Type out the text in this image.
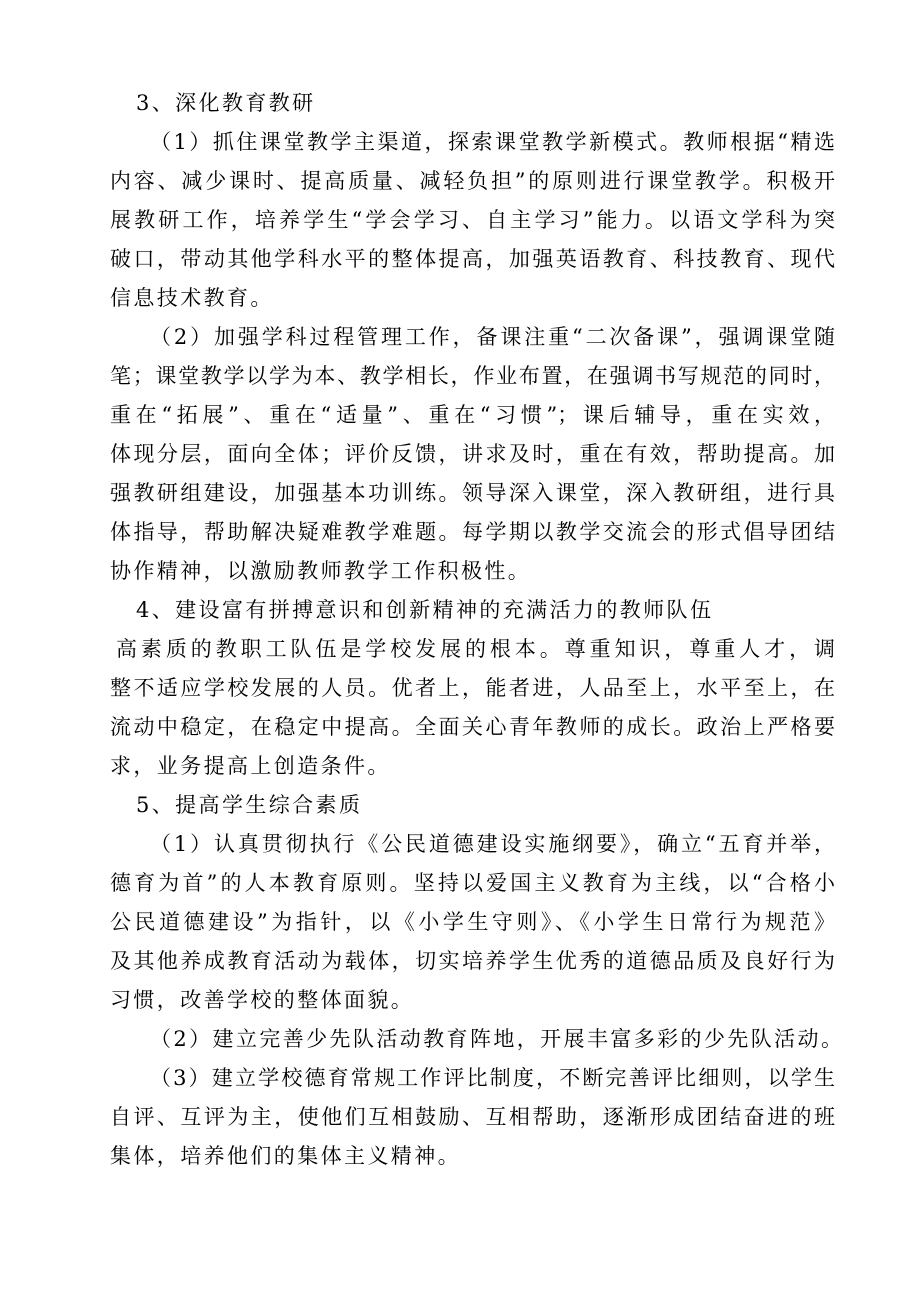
3、深化教育教研
（1）抓住课堂教学主渠道，探索课堂教学新模式。教师根据“精选
内容、减少课时、提高质量、减轻负担”的原则进行课堂教学。积极开
展教研工作，培养学生“学会学习、自主学习”能力。以语文学科为突
破口，带动其他学科水平的整体提高，加强英语教育、科技教育、现代
信息技术教育。
（2）加强学科过程管理工作，备课注重“二次备课”，强调课堂随
笔；课堂教学以学为本、教学相长，作业布置，在强调书写规范的同时，
重在“拓展”、重在“适量”、重在“习惯”；课后辅导，重在实效，
体现分层，面向全体；评价反馈，讲求及时，重在有效，帮助提高。加
强教研组建设，加强基本功训练。领导深入课堂，深入教研组，进行具
体指导，帮助解决疑难教学难题。每学期以教学交流会的形式倡导团结
协作精神，以激励教师教学工作积极性。
4、建设富有拼搏意识和创新精神的充满活力的教师队伍
高素质的教职工队伍是学校发展的根本。尊重知识，尊重人才，调
整不适应学校发展的人员。优者上，能者进，人品至上，水平至上，在
流动中稳定，在稳定中提高。全面关心青年教师的成长。政治上严格要
求，业务提高上创造条件。
5、提高学生综合素质
（1）认真贯彻执行《公民道德建设实施纲要》，确立“五育并举，
德育为首”的人本教育原则。坚持以爱国主义教育为主线，以“合格小
公民道德建设”为指针，以《小学生守则》、《小学生日常行为规范》
及其他养成教育活动为载体，切实培养学生优秀的道德品质及良好行为
习惯，改善学校的整体面貌。
（2）建立完善少先队活动教育阵地，开展丰富多彩的少先队活动。
（3）建立学校德育常规工作评比制度，不断完善评比细则，以学生
自评、互评为主，使他们互相鼓励、互相帮助，逐渐形成团结奋进的班
集体，培养他们的集体主义精神。
